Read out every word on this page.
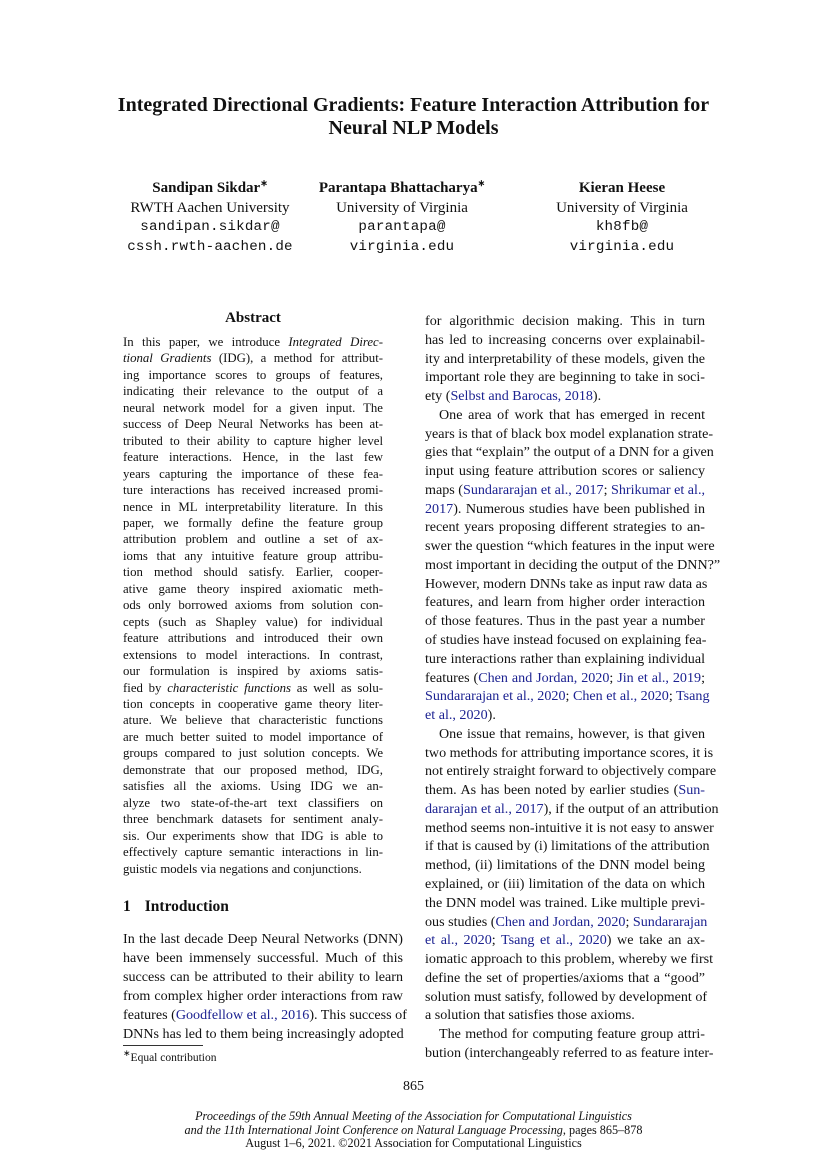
Integrated Directional Gradients: Feature Interaction Attribution for
Neural NLP Models
Sandipan Sikdar∗
RWTH Aachen University
sandipan.sikdar@
cssh.rwth-aachen.de
Parantapa Bhattacharya∗
University of Virginia
parantapa@
virginia.edu
Kieran Heese
University of Virginia
kh8fb@
virginia.edu
Abstract
In this paper, we introduce Integrated Direc-
tional Gradients (IDG), a method for attribut-
ing importance scores to groups of features,
indicating their relevance to the output of a
neural network model for a given input. The
success of Deep Neural Networks has been at-
tributed to their ability to capture higher level
feature interactions. Hence, in the last few
years capturing the importance of these fea-
ture interactions has received increased promi-
nence in ML interpretability literature. In this
paper, we formally define the feature group
attribution problem and outline a set of ax-
ioms that any intuitive feature group attribu-
tion method should satisfy. Earlier, cooper-
ative game theory inspired axiomatic meth-
ods only borrowed axioms from solution con-
cepts (such as Shapley value) for individual
feature attributions and introduced their own
extensions to model interactions. In contrast,
our formulation is inspired by axioms satis-
fied by characteristic functions as well as solu-
tion concepts in cooperative game theory liter-
ature. We believe that characteristic functions
are much better suited to model importance of
groups compared to just solution concepts. We
demonstrate that our proposed method, IDG,
satisfies all the axioms. Using IDG we an-
alyze two state-of-the-art text classifiers on
three benchmark datasets for sentiment analy-
sis. Our experiments show that IDG is able to
effectively capture semantic interactions in lin-
guistic models via negations and conjunctions.
1 Introduction
In the last decade Deep Neural Networks (DNN)
have been immensely successful. Much of this
success can be attributed to their ability to learn
from complex higher order interactions from raw
features (Goodfellow et al., 2016). This success of
DNNs has led to them being increasingly adopted
for algorithmic decision making. This in turn
has led to increasing concerns over explainabil-
ity and interpretability of these models, given the
important role they are beginning to take in soci-
ety (Selbst and Barocas, 2018).
One area of work that has emerged in recent
years is that of black box model explanation strate-
gies that “explain” the output of a DNN for a given
input using feature attribution scores or saliency
maps (Sundararajan et al., 2017; Shrikumar et al.,
2017). Numerous studies have been published in
recent years proposing different strategies to an-
swer the question “which features in the input were
most important in deciding the output of the DNN?”
However, modern DNNs take as input raw data as
features, and learn from higher order interaction
of those features. Thus in the past year a number
of studies have instead focused on explaining fea-
ture interactions rather than explaining individual
features (Chen and Jordan, 2020; Jin et al., 2019;
Sundararajan et al., 2020; Chen et al., 2020; Tsang
et al., 2020).
One issue that remains, however, is that given
two methods for attributing importance scores, it is
not entirely straight forward to objectively compare
them. As has been noted by earlier studies (Sun-
dararajan et al., 2017), if the output of an attribution
method seems non-intuitive it is not easy to answer
if that is caused by (i) limitations of the attribution
method, (ii) limitations of the DNN model being
explained, or (iii) limitation of the data on which
the DNN model was trained. Like multiple previ-
ous studies (Chen and Jordan, 2020; Sundararajan
et al., 2020; Tsang et al., 2020) we take an ax-
iomatic approach to this problem, whereby we first
define the set of properties/axioms that a “good”
solution must satisfy, followed by development of
a solution that satisfies those axioms.
The method for computing feature group attri-
bution (interchangeably referred to as feature inter-
∗Equal contribution
865
Proceedings of the 59th Annual Meeting of the Association for Computational Linguistics
and the 11th International Joint Conference on Natural Language Processing, pages 865–878
August 1–6, 2021. ©2021 Association for Computational Linguistics
